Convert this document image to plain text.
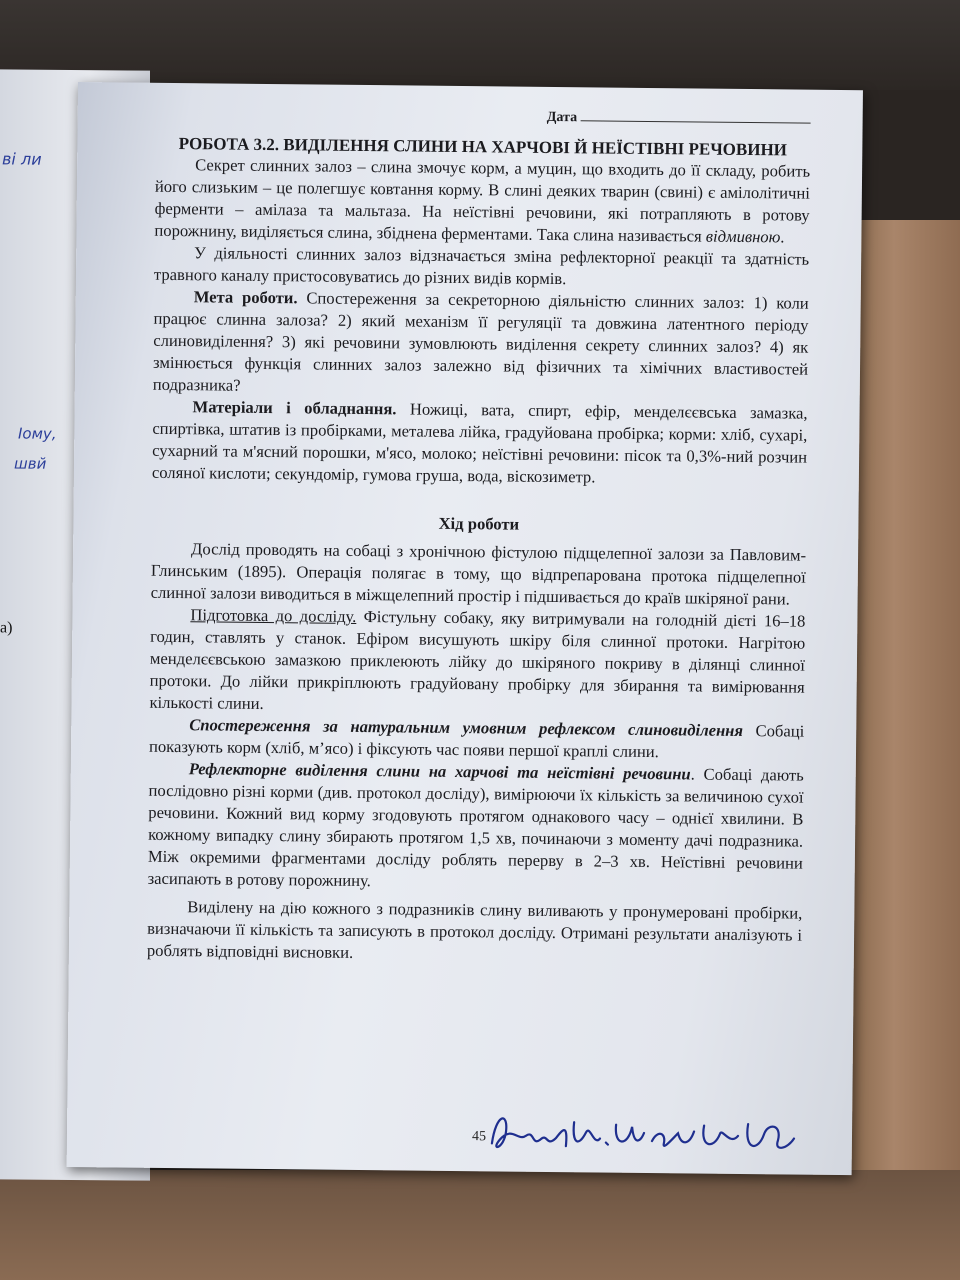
ві ли
Іому,
швй
а)
Дата
РОБОТА 3.2. ВИДІЛЕННЯ СЛИНИ НА ХАРЧОВІ Й НЕЇСТІВНІ РЕЧОВИНИ

Секрет слинних залоз – слина змочує корм, а муцин, що входить до її складу, робить його слизьким – це полегшує ковтання корму. В слині деяких тварин (свині) є амілолітичні ферменти – амілаза та мальтаза. На неїстівні речовини, які потрапляють в ротову порожнину, виділяється слина, збіднена ферментами. Така слина називається відмивною.

У діяльності слинних залоз відзначається зміна рефлекторної реакції та здатність травного каналу пристосовуватись до різних видів кормів.

Мета роботи. Спостереження за секреторною діяльністю слинних залоз: 1) коли працює слинна залоза? 2) який механізм її регуляції та довжина латентного періоду слиновиділення? 3) які речовини зумовлюють виділення секрету слинних залоз? 4) як змінюється функція слинних залоз залежно від фізичних та хімічних властивостей подразника?

Матеріали і обладнання. Ножиці, вата, спирт, ефір, менделєєвська замазка, спиртівка, штатив із пробірками, металева лійка, градуйована пробірка; корми: хліб, сухарі, сухарний та м'ясний порошки, м'ясо, молоко; неїстівні речовини: пісок та 0,3%-ний розчин соляної кислоти; секундомір, гумова груша, вода, віскозиметр.

Хід роботи

Дослід проводять на собаці з хронічною фістулою підщелепної залози за Павловим-Глинським (1895). Операція полягає в тому, що відпрепарована протока підщелепної слинної залози виводиться в міжщелепний простір і підшивається до країв шкіряної рани.

Підготовка до досліду. Фістульну собаку, яку витримували на голодній дієті 16–18 годин, ставлять у станок. Ефіром висушують шкіру біля слинної протоки. Нагрітою менделєєвською замазкою приклеюють лійку до шкіряного покриву в ділянці слинної протоки. До лійки прикріплюють градуйовану пробірку для збирання та вимірювання кількості слини.

Спостереження за натуральним умовним рефлексом слиновиділення Собаці показують корм (хліб, м’ясо) і фіксують час появи першої краплі слини.

Рефлекторне виділення слини на харчові та неїстівні речовини. Собаці дають послідовно різні корми (див. протокол досліду), вимірюючи їх кількість за величиною сухої речовини. Кожний вид корму згодовують протягом однакового часу – однієї хвилини. В кожному випадку слину збирають протягом 1,5 хв, починаючи з моменту дачі подразника. Між окремими фрагментами досліду роблять перерву в 2–3 хв. Неїстівні речовини засипають в ротову порожнину.

Виділену на дію кожного з подразників слину виливають у пронумеровані пробірки, визначаючи її кількість та записують в протокол досліду. Отримані результати аналізують і роблять відповідні висновки.

45
